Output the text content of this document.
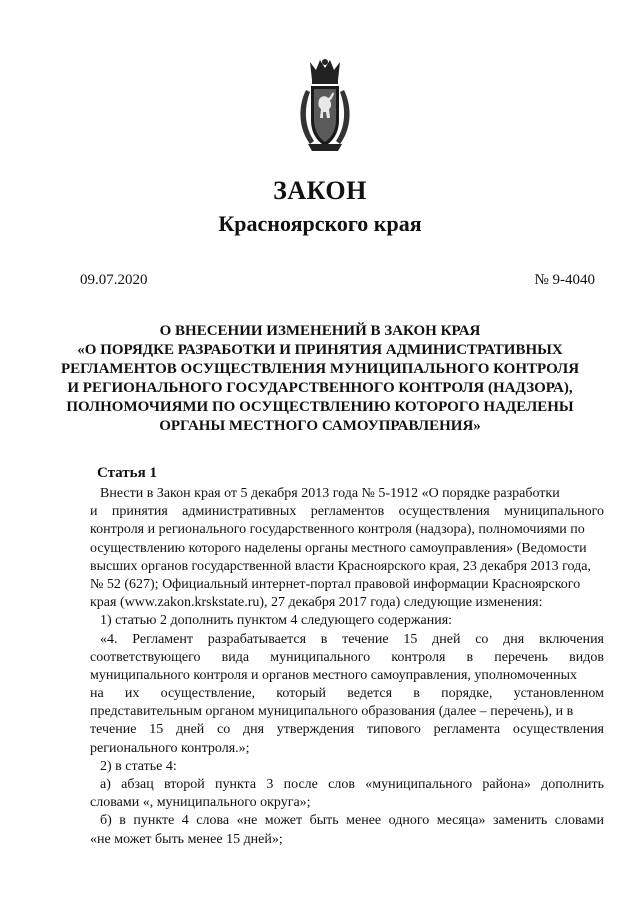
ЗАКОН
Красноярского края
09.07.2020	№ 9-4040
О ВНЕСЕНИИ ИЗМЕНЕНИЙ В ЗАКОН КРАЯ
«О ПОРЯДКЕ РАЗРАБОТКИ И ПРИНЯТИЯ АДМИНИСТРАТИВНЫХ
РЕГЛАМЕНТОВ ОСУЩЕСТВЛЕНИЯ МУНИЦИПАЛЬНОГО КОНТРОЛЯ
И РЕГИОНАЛЬНОГО ГОСУДАРСТВЕННОГО КОНТРОЛЯ (НАДЗОРА),
ПОЛНОМОЧИЯМИ ПО ОСУЩЕСТВЛЕНИЮ КОТОРОГО НАДЕЛЕНЫ
ОРГАНЫ МЕСТНОГО САМОУПРАВЛЕНИЯ»
Статья 1
Внести в Закон края от 5 декабря 2013 года № 5-1912 «О порядке разработки
и принятия административных регламентов осуществления муниципального
контроля и регионального государственного контроля (надзора), полномочиями по
осуществлению которого наделены органы местного самоуправления» (Ведомости
высших органов государственной власти Красноярского края, 23 декабря 2013 года,
№ 52 (627); Официальный интернет-портал правовой информации Красноярского
края (www.zakon.krskstate.ru), 27 декабря 2017 года) следующие изменения:
1) статью 2 дополнить пунктом 4 следующего содержания:
«4. Регламент разрабатывается в течение 15 дней со дня включения
соответствующего вида муниципального контроля в перечень видов
муниципального контроля и органов местного самоуправления, уполномоченных
на их осуществление, который ведется в порядке, установленном
представительным органом муниципального образования (далее – перечень), и в
течение 15 дней со дня утверждения типового регламента осуществления
регионального контроля.»;
2) в статье 4:
а) абзац второй пункта 3 после слов «муниципального района» дополнить
словами «, муниципального округа»;
б) в пункте 4 слова «не может быть менее одного месяца» заменить словами
«не может быть менее 15 дней»;
